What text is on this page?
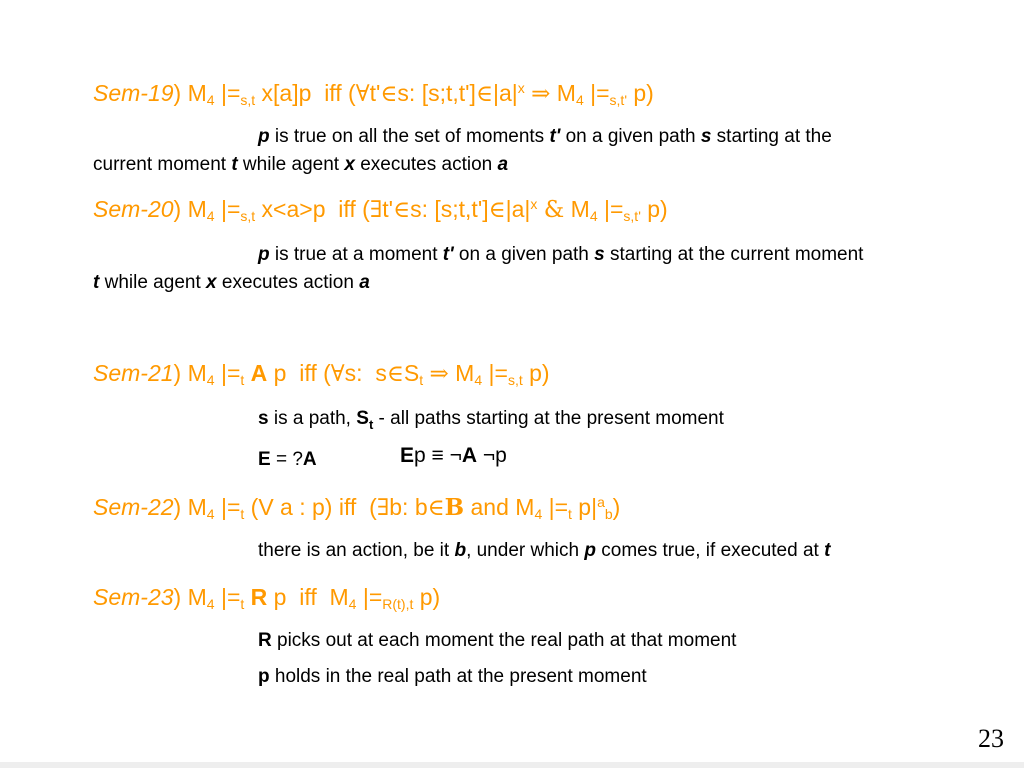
Sem-19) $M_4$ $|=_{s,t}$ x[a]p  iff (∀t'∈s: $[s;t,t']\in|a|^x$ ⇒ $M_4$ $|=_{s,t'}$ p)
p is true on all the set of moments t' on a given path s starting at the
current moment t while agent x executes action a
Sem-20) $M_4$ $|=_{s,t}$ x<a>p  iff (∃t'∈s: $[s;t,t']\in|a|^x$ & $M_4$ $|=_{s,t'}$ p)
p is true at a moment t' on a given path s starting at the current moment
t while agent x executes action a
Sem-21) $M_4$ $|=_t$ A p  iff (∀s:  $s\in S_t$ ⇒ $M_4$ $|=_{s,t}$ p)
s is a path, $S_t$ - all paths starting at the present moment
E = ?A	Ep ≡ ¬A ¬p
Sem-22) $M_4$ $|=_t$ (V a : p) iff  (∃b: b∈B and $M_4$ $|=_t$ $p|^a_b$)
there is an action, be it b, under which p comes true, if executed at t
Sem-23) $M_4$ $|=_t$ R p  iff  $M_4$ $|=_{R(t),t}$ p)
R picks out at each moment the real path at that moment
p holds in the real path at the present moment
23
